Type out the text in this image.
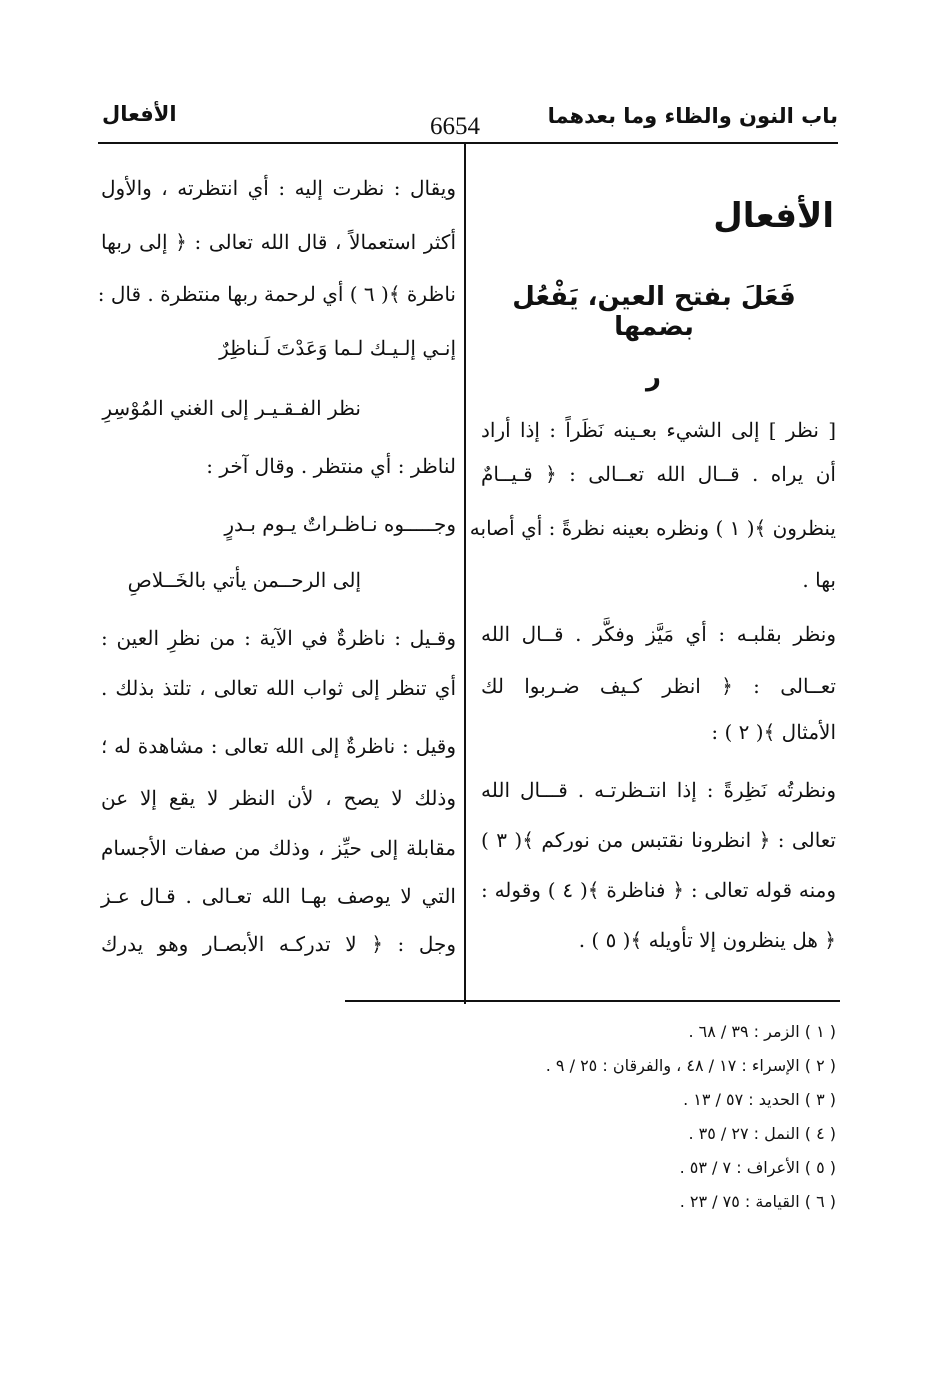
باب النون والظاء وما بعدهما
6654
الأفعال
الأفعال
فَعَلَ بفتح العين، يَفْعُل بضمها
ر
[ نظر ] إلى الشيء بعـينه نَظَراً : إذا أراد
أن يراه . قــال الله تعــالى : ﴿ قـيــامٌ
ينظرون ﴾( ١ ) ونظره بعينه نظرةً : أي أصابه
بها .
ونظر بقلبـه : أي مَيَّز وفكَّر . قــال الله
تعــالى : ﴿ انظر كـيف ضـربوا لك
الأمثال ﴾( ٢ ) :
ونظرتُه نَظِرةً : إذا انتـظرتـه . قـــال الله
تعالى : ﴿ انظرونا نقتبس من نوركم ﴾( ٣ )
ومنه قوله تعالى : ﴿ فناظرة ﴾( ٤ ) وقوله :
﴿ هل ينظرون إلا تأويله ﴾( ٥ ) .
ويقال : نظرت إليه : أي انتظرته ، والأول
أكثر استعمالاً ، قال الله تعالى : ﴿ إلى ربها
ناظرة ﴾( ٦ ) أي لرحمة ربها منتظرة . قال :
إنـي إلـيـك لـما وَعَدْتَ لَـناظِرٌ
نظر الفـقـيـر إلى الغني المُوْسِرِ
لناظر : أي منتظر . وقال آخر :
وجـــــوه نـاظـراتٌ يـوم بـدرٍ
إلى الرحــمن يأتي بالخَــلاصِ
وقـيل : ناظرةٌ في الآية : من نظرِ العين :
أي تنظر إلى ثواب الله تعالى ، تلتذ بذلك .
وقيل : ناظرةٌ إلى الله تعالى : مشاهدة له ؛
وذلك لا يصح ، لأن النظر لا يقع إلا عن
مقابلة إلى حيِّز ، وذلك من صفات الأجسام
التي لا يوصف بهـا الله تعـالى . قـال عـز
وجل : ﴿ لا تدركـه الأبصـار وهو يدرك
( ١ ) الزمر : ٣٩ / ٦٨ .
( ٢ ) الإسراء : ١٧ / ٤٨ ، والفرقان : ٢٥ / ٩ .
( ٣ ) الحديد : ٥٧ / ١٣ .
( ٤ ) النمل : ٢٧ / ٣٥ .
( ٥ ) الأعراف : ٧ / ٥٣ .
( ٦ ) القيامة : ٧٥ / ٢٣ .
